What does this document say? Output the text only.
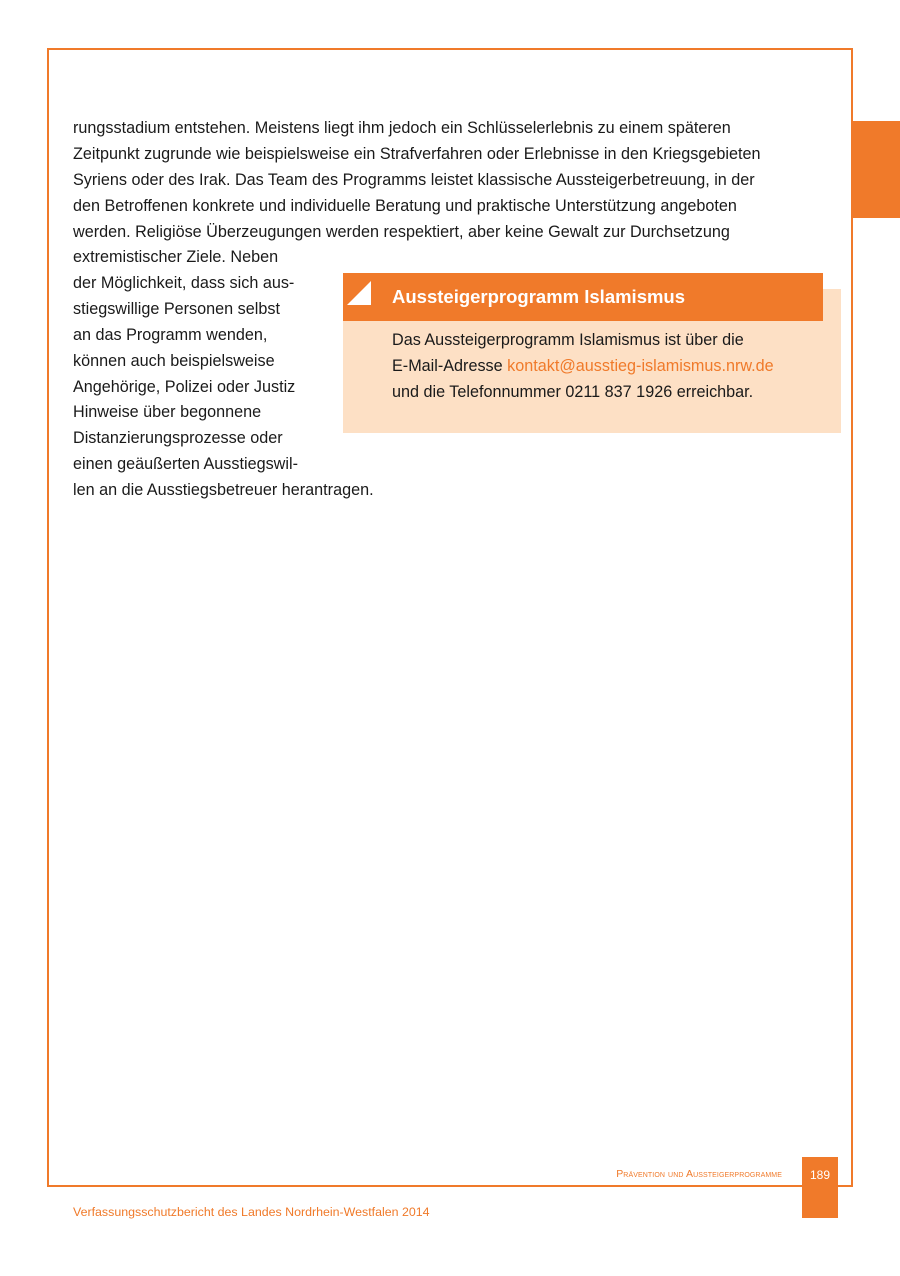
rungsstadium entstehen. Meistens liegt ihm jedoch ein Schlüsselerlebnis zu einem späteren
Zeitpunkt zugrunde wie beispielsweise ein Strafverfahren oder Erlebnisse in den Kriegsgebieten
Syriens oder des Irak. Das Team des Programms leistet klassische Aussteigerbetreuung, in der
den Betroffenen konkrete und individuelle Beratung und praktische Unterstützung angeboten
werden. Religiöse Überzeugungen werden respektiert, aber keine Gewalt zur Durchsetzung

extremistischer Ziele. Neben
der Möglichkeit, dass sich aus-
stiegswillige Personen selbst
an das Programm wenden,
können auch beispielsweise
Angehörige, Polizei oder Justiz
Hinweise über begonnene
Distanzierungsprozesse oder
einen geäußerten Ausstiegswil-
len an die Ausstiegsbetreuer herantragen.

Aussteigerprogramm Islamismus
Das Aussteigerprogramm Islamismus ist über die
E-Mail-Adresse kontakt@ausstieg-islamismus.nrw.de
und die Telefonnummer 0211 837 1926 erreichbar.
Prävention und Aussteigerprogramme	189
Verfassungsschutzbericht des Landes Nordrhein-Westfalen 2014
